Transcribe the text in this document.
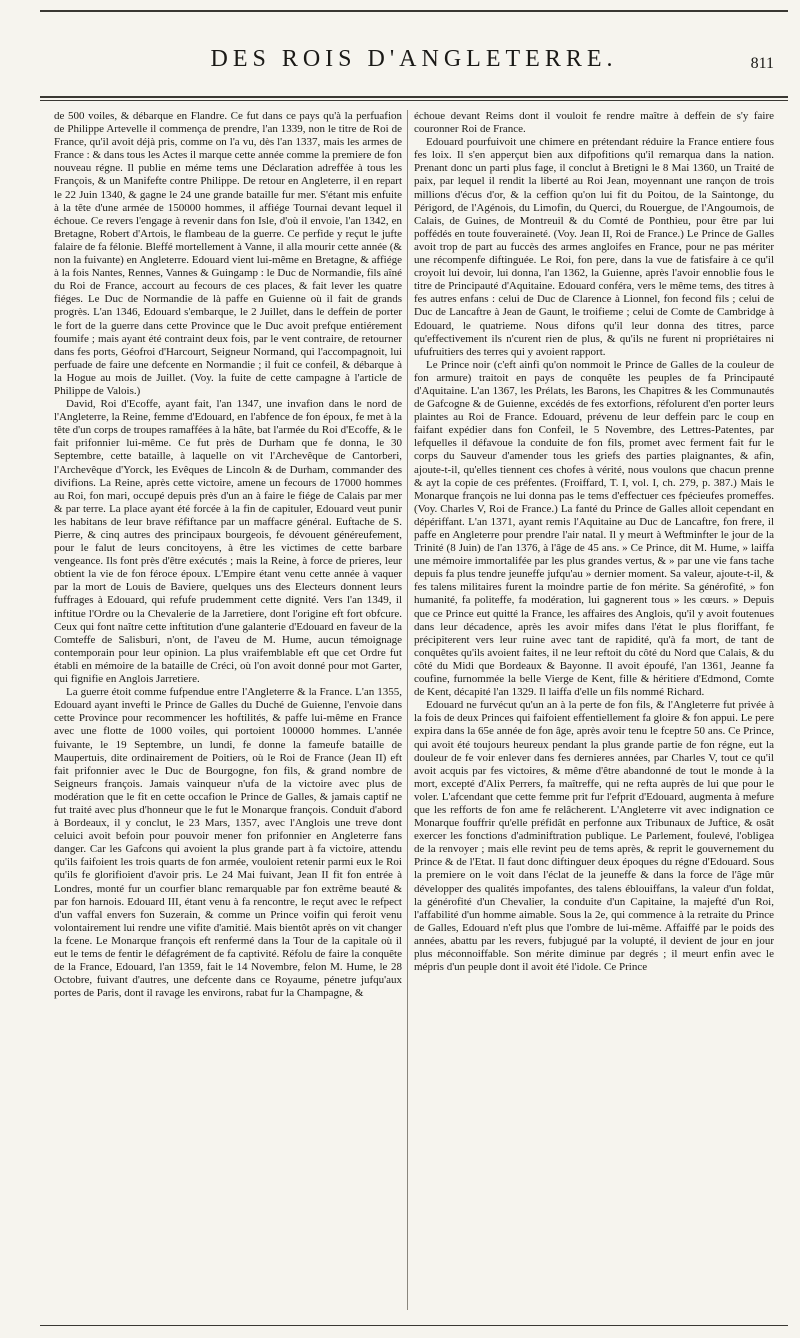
DES ROIS D'ANGLETERRE.	811

de 500 voiles, & débarque en Flandre. Ce fut dans ce pays qu'à la perfuafion de Philippe Artevelle il commença de prendre, l'an 1339, non le titre de Roi de France, qu'il avoit déjà pris, comme on l'a vu, dès l'an 1337, mais les armes de France : & dans tous les Actes il marque cette année comme la premiere de fon nouveau régne. Il publie en méme tems une Déclaration adreffée à tous les François, & un Manifefte contre Philippe. De retour en Angleterre, il en repart le 22 Juin 1340, & gagne le 24 une grande bataille fur mer. S'étant mis enfuite à la tête d'une armée de 150000 hommes, il affiége Tournai devant lequel il échoue. Ce revers l'engage à revenir dans fon Isle, d'où il envoie, l'an 1342, en Bretagne, Robert d'Artois, le flambeau de la guerre. Ce perfide y reçut le jufte falaire de fa félonie. Bleffé mortellement à Vanne, il alla mourir cette année (& non la fuivante) en Angleterre. Edouard vient lui-même en Bretagne, & affiége à la fois Nantes, Rennes, Vannes & Guingamp : le Duc de Normandie, fils aîné du Roi de France, accourt au fecours de ces places, & fait lever les quatre fiéges. Le Duc de Normandie de là paffe en Guienne où il fait de grands progrès. L'an 1346, Edouard s'embarque, le 2 Juillet, dans le deffein de porter le fort de la guerre dans cette Province que le Duc avoit prefque entiérement foumife ; mais ayant été contraint deux fois, par le vent contraire, de retourner dans fes ports, Géofroi d'Harcourt, Seigneur Normand, qui l'accompagnoit, lui perfuade de faire une defcente en Normandie ; il fuit ce confeil, & débarque à la Hogue au mois de Juillet. (Voy. la fuite de cette campagne à l'article de Philippe de Valois.)

David, Roi d'Ecoffe, ayant fait, l'an 1347, une invafion dans le nord de l'Angleterre, la Reine, femme d'Edouard, en l'abfence de fon époux, fe met à la tête d'un corps de troupes ramaffées à la hâte, bat l'armée du Roi d'Ecoffe, & le fait prifonnier lui-même. Ce fut près de Durham que fe donna, le 30 Septembre, cette bataille, à laquelle on vit l'Archevêque de Cantorberi, l'Archevêque d'Yorck, les Evêques de Lincoln & de Durham, commander des divifions. La Reine, après cette victoire, amene un fecours de 17000 hommes au Roi, fon mari, occupé depuis près d'un an à faire le fiége de Calais par mer & par terre. La place ayant été forcée à la fin de capituler, Edouard veut punir les habitans de leur brave réfiftance par un maffacre général. Euftache de S. Pierre, & cinq autres des principaux bourgeois, fe dévouent généreufement, pour le falut de leurs concitoyens, à être les victimes de cette barbare vengeance. Ils font près d'être exécutés ; mais la Reine, à force de prieres, leur obtient la vie de fon féroce époux. L'Empire étant venu cette année à vaquer par la mort de Louis de Baviere, quelques uns des Electeurs donnent leurs fuffrages à Edouard, qui refufe prudemment cette dignité. Vers l'an 1349, il inftitue l'Ordre ou la Chevalerie de la Jarretiere, dont l'origine eft fort obfcure. Ceux qui font naître cette inftitution d'une galanterie d'Edouard en faveur de la Comteffe de Salisburi, n'ont, de l'aveu de M. Hume, aucun témoignage contemporain pour leur opinion. La plus vraifemblable eft que cet Ordre fut établi en mémoire de la bataille de Créci, où l'on avoit donné pour mot Garter, qui fignifie en Anglois Jarretiere.

La guerre étoit comme fufpendue entre l'Angleterre & la France. L'an 1355, Edouard ayant invefti le Prince de Galles du Duché de Guienne, l'envoie dans cette Province pour recommencer les hoftilités, & paffe lui-même en France avec une flotte de 1000 voiles, qui portoient 100000 hommes. L'année fuivante, le 19 Septembre, un lundi, fe donne la fameufe bataille de Maupertuis, dite ordinairement de Poitiers, où le Roi de France (Jean II) eft fait prifonnier avec le Duc de Bourgogne, fon fils, & grand nombre de Seigneurs françois. Jamais vainqueur n'ufa de la victoire avec plus de modération que le fit en cette occafion le Prince de Galles, & jamais captif ne fut traité avec plus d'honneur que le fut le Monarque françois. Conduit d'abord à Bordeaux, il y conclut, le 23 Mars, 1357, avec l'Anglois une treve dont celuici avoit befoin pour pouvoir mener fon prifonnier en Angleterre fans danger. Car les Gafcons qui avoient la plus grande part à fa victoire, attendu qu'ils faifoient les trois quarts de fon armée, vouloient retenir parmi eux le Roi qu'ils fe glorifioient d'avoir pris. Le 24 Mai fuivant, Jean II fit fon entrée à Londres, monté fur un courfier blanc remarquable par fon extrême beauté & par fon harnois. Edouard III, étant venu à fa rencontre, le reçut avec le refpect d'un vaffal envers fon Suzerain, & comme un Prince voifin qui feroit venu volontairement lui rendre une vifite d'amitié. Mais bientôt après on vit changer la fcene. Le Monarque françois eft renfermé dans la Tour de la capitale où il eut le tems de fentir le défagrément de fa captivité. Réfolu de faire la conquête de la France, Edouard, l'an 1359, fait le 14 Novembre, felon M. Hume, le 28 Octobre, fuivant d'autres, une defcente dans ce Royaume, pénetre jufqu'aux portes de Paris, dont il ravage les environs, rabat fur la Champagne, &

échoue devant Reims dont il vouloit fe rendre maître à deffein de s'y faire couronner Roi de France.

Edouard pourfuivoit une chimere en prétendant réduire la France entiere fous fes loix. Il s'en apperçut bien aux difpofitions qu'il remarqua dans la nation. Prenant donc un parti plus fage, il conclut à Bretigni le 8 Mai 1360, un Traité de paix, par lequel il rendit la liberté au Roi Jean, moyennant une rançon de trois millions d'écus d'or, & la ceffion qu'on lui fit du Poitou, de la Saintonge, du Périgord, de l'Agénois, du Limofin, du Querci, du Rouergue, de l'Angoumois, de Calais, de Guines, de Montreuil & du Comté de Ponthieu, pour être par lui poffédés en toute fouveraineté. (Voy. Jean II, Roi de France.) Le Prince de Galles avoit trop de part au fuccès des armes angloifes en France, pour ne pas mériter une récompenfe diftinguée. Le Roi, fon pere, dans la vue de fatisfaire à ce qu'il croyoit lui devoir, lui donna, l'an 1362, la Guienne, après l'avoir ennoblie fous le titre de Principauté d'Aquitaine. Edouard conféra, vers le même tems, des titres à fes autres enfans : celui de Duc de Clarence à Lionnel, fon fecond fils ; celui de Duc de Lancaftre à Jean de Gaunt, le troifieme ; celui de Comte de Cambridge à Edouard, le quatrieme. Nous difons qu'il leur donna des titres, parce qu'effectivement ils n'curent rien de plus, & qu'ils ne furent ni propriétaires ni ufufruitiers des terres qui y avoient rapport.

Le Prince noir (c'eft ainfi qu'on nommoit le Prince de Galles de la couleur de fon armure) traitoit en pays de conquête les peuples de fa Principauté d'Aquitaine. L'an 1367, les Prélats, les Barons, les Chapitres & les Communautés de Gafcogne & de Guienne, excédés de fes extorfions, réfolurent d'en porter leurs plaintes au Roi de France. Edouard, prévenu de leur deffein parc le coup en faifant expédier dans fon Confeil, le 5 Novembre, des Lettres-Patentes, par lefquelles il défavoue la conduite de fon fils, promet avec ferment fait fur le corps du Sauveur d'amender tous les griefs des parties plaignantes, & afin, ajoute-t-il, qu'elles tiennent ces chofes à vérité, nous voulons que chacun prenne & ayt la copie de ces préfentes. (Froiffard, T. I, vol. I, ch. 279, p. 387.) Mais le Monarque françois ne lui donna pas le tems d'effectuer ces fpécieufes promeffes. (Voy. Charles V, Roi de France.) La fanté du Prince de Galles alloit cependant en dépériffant. L'an 1371, ayant remis l'Aquitaine au Duc de Lancaftre, fon frere, il paffe en Angleterre pour prendre l'air natal. Il y meurt à Weftminfter le jour de la Trinité (8 Juin) de l'an 1376, à l'âge de 45 ans. » Ce Prince, dit M. Hume, » laiffa une mémoire immortalifée par les plus grandes vertus, & » par une vie fans tache depuis fa plus tendre jeuneffe jufqu'au » dernier moment. Sa valeur, ajoute-t-il, & fes talens militaires furent la moindre partie de fon mérite. Sa générofité, » fon humanité, fa politeffe, fa modération, lui gagnerent tous » les cœurs. » Depuis que ce Prince eut quitté la France, les affaires des Anglois, qu'il y avoit foutenues dans leur décadence, après les avoir mifes dans l'état le plus floriffant, fe précipiterent vers leur ruine avec tant de rapidité, qu'à fa mort, de tant de conquêtes qu'ils avoient faites, il ne leur reftoit du côté du Nord que Calais, & du côté du Midi que Bordeaux & Bayonne. Il avoit époufé, l'an 1361, Jeanne fa coufine, furnommée la belle Vierge de Kent, fille & héritiere d'Edmond, Comte de Kent, décapité l'an 1329. Il laiffa d'elle un fils nommé Richard.

Edouard ne furvécut qu'un an à la perte de fon fils, & l'Angleterre fut privée à la fois de deux Princes qui faifoient effentiellement fa gloire & fon appui. Le pere expira dans la 65e année de fon âge, après avoir tenu le fceptre 50 ans. Ce Prince, qui avoit été toujours heureux pendant la plus grande partie de fon régne, eut la douleur de fe voir enlever dans fes dernieres années, par Charles V, tout ce qu'il avoit acquis par fes victoires, & même d'être abandonné de tout le monde à la mort, excepté d'Alix Perrers, fa maîtreffe, qui ne refta auprès de lui que pour le voler. L'afcendant que cette femme prit fur l'efprit d'Edouard, augmenta à mefure que les refforts de fon ame fe relâcherent. L'Angleterre vit avec indignation ce Monarque fouffrir qu'elle préfidât en perfonne aux Tribunaux de Juftice, & osât exercer les fonctions d'adminiftration publique. Le Parlement, foulevé, l'obligea de la renvoyer ; mais elle revint peu de tems après, & reprit le gouvernement du Prince & de l'Etat. Il faut donc diftinguer deux époques du régne d'Edouard. Sous la premiere on le voit dans l'éclat de la jeuneffe & dans la force de l'âge mûr développer des qualités impofantes, des talens éblouiffans, la valeur d'un foldat, la générofité d'un Chevalier, la conduite d'un Capitaine, la majefté d'un Roi, l'affabilité d'un homme aimable. Sous la 2e, qui commence à la retraite du Prince de Galles, Edouard n'eft plus que l'ombre de lui-même. Affaiffé par le poids des années, abattu par les revers, fubjugué par la volupté, il devient de jour en jour plus méconnoiffable. Son mérite diminue par degrés ; il meurt enfin avec le mépris d'un peuple dont il avoit été l'idole. Ce Prince
